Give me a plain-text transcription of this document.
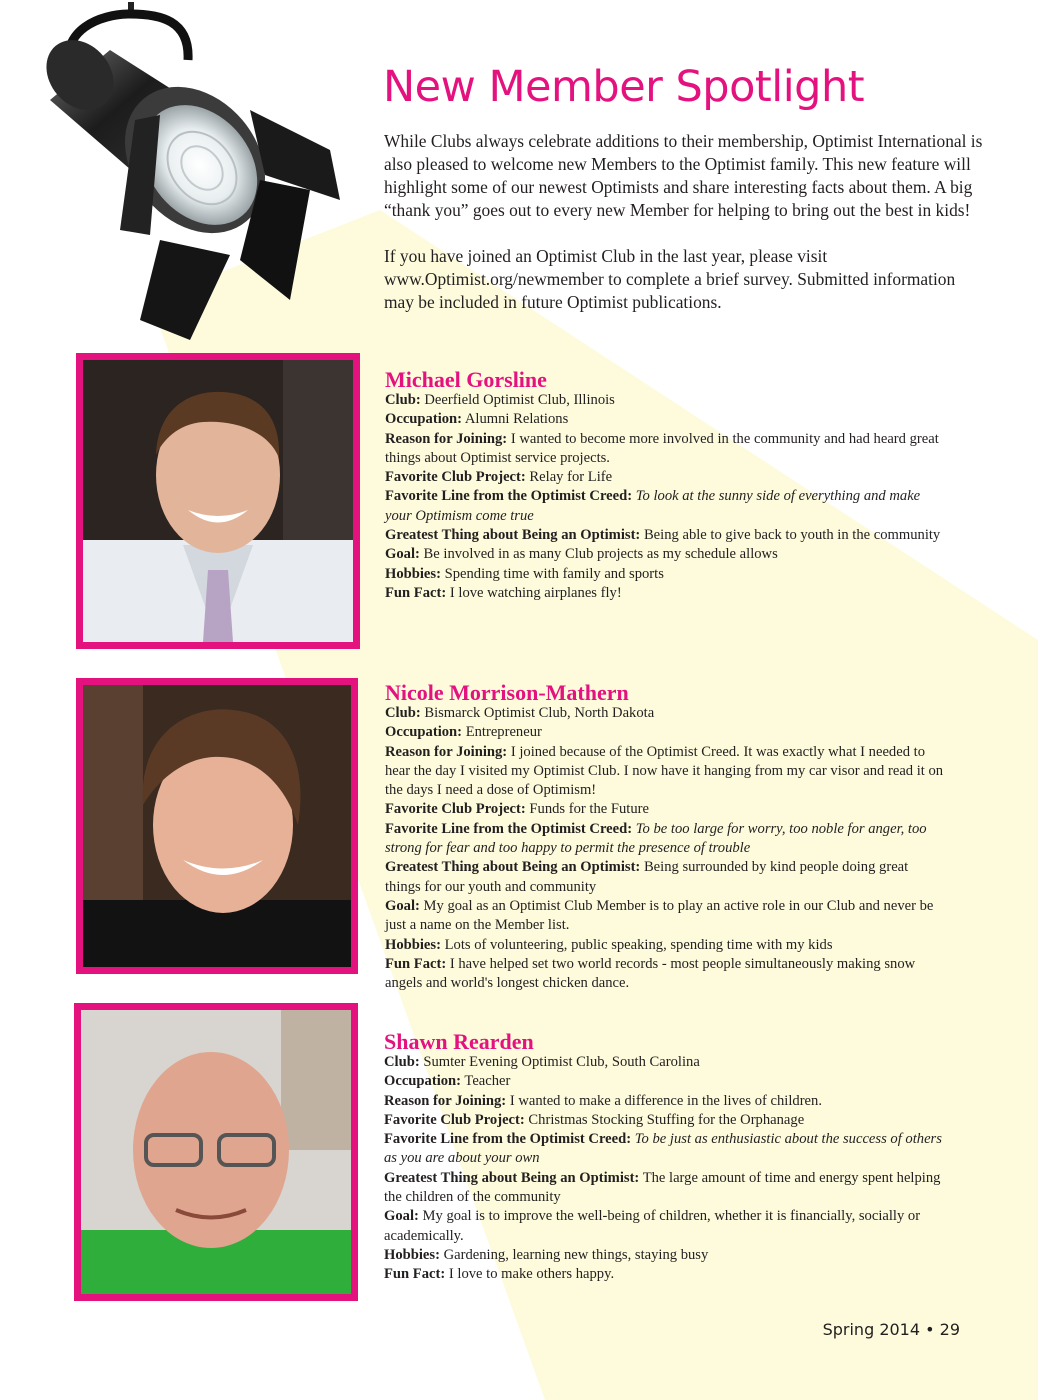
New Member Spotlight

While Clubs always celebrate additions to their membership, Optimist International is also pleased to welcome new Members to the Optimist family. This new feature will highlight some of our newest Optimists and share interesting facts about them. A big “thank you” goes out to every new Member for helping to bring out the best in kids!

If you have joined an Optimist Club in the last year, please visit www.Optimist.org/newmember to complete a brief survey. Submitted information may be included in future Optimist publications.

Michael Gorsline

Club: Deerfield Optimist Club, Illinois

Occupation: Alumni Relations

Reason for Joining: I wanted to become more involved in the community and had heard great things about Optimist service projects.

Favorite Club Project: Relay for Life

Favorite Line from the Optimist Creed: To look at the sunny side of everything and make your Optimism come true

Greatest Thing about Being an Optimist: Being able to give back to youth in the community

Goal: Be involved in as many Club projects as my schedule allows

Hobbies: Spending time with family and sports

Fun Fact: I love watching airplanes fly!

Nicole Morrison-Mathern

Club: Bismarck Optimist Club, North Dakota

Occupation: Entrepreneur

Reason for Joining: I joined because of the Optimist Creed. It was exactly what I needed to hear the day I visited my Optimist Club. I now have it hanging from my car visor and read it on the days I need a dose of Optimism!

Favorite Club Project: Funds for the Future

Favorite Line from the Optimist Creed: To be too large for worry, too noble for anger, too strong for fear and too happy to permit the presence of trouble

Greatest Thing about Being an Optimist: Being surrounded by kind people doing great things for our youth and community

Goal: My goal as an Optimist Club Member is to play an active role in our Club and never be just a name on the Member list.

Hobbies: Lots of volunteering, public speaking, spending time with my kids

Fun Fact: I have helped set two world records - most people simultaneously making snow angels and world's longest chicken dance.

Shawn Rearden

Club: Sumter Evening Optimist Club, South Carolina

Occupation: Teacher

Reason for Joining: I wanted to make a difference in the lives of children.

Favorite Club Project: Christmas Stocking Stuffing for the Orphanage

Favorite Line from the Optimist Creed: To be just as enthusiastic about the success of others as you are about your own

Greatest Thing about Being an Optimist: The large amount of time and energy spent helping the children of the community

Goal: My goal is to improve the well-being of children, whether it is financially, socially or academically.

Hobbies: Gardening, learning new things, staying busy

Fun Fact: I love to make others happy.

Spring 2014 • 29
